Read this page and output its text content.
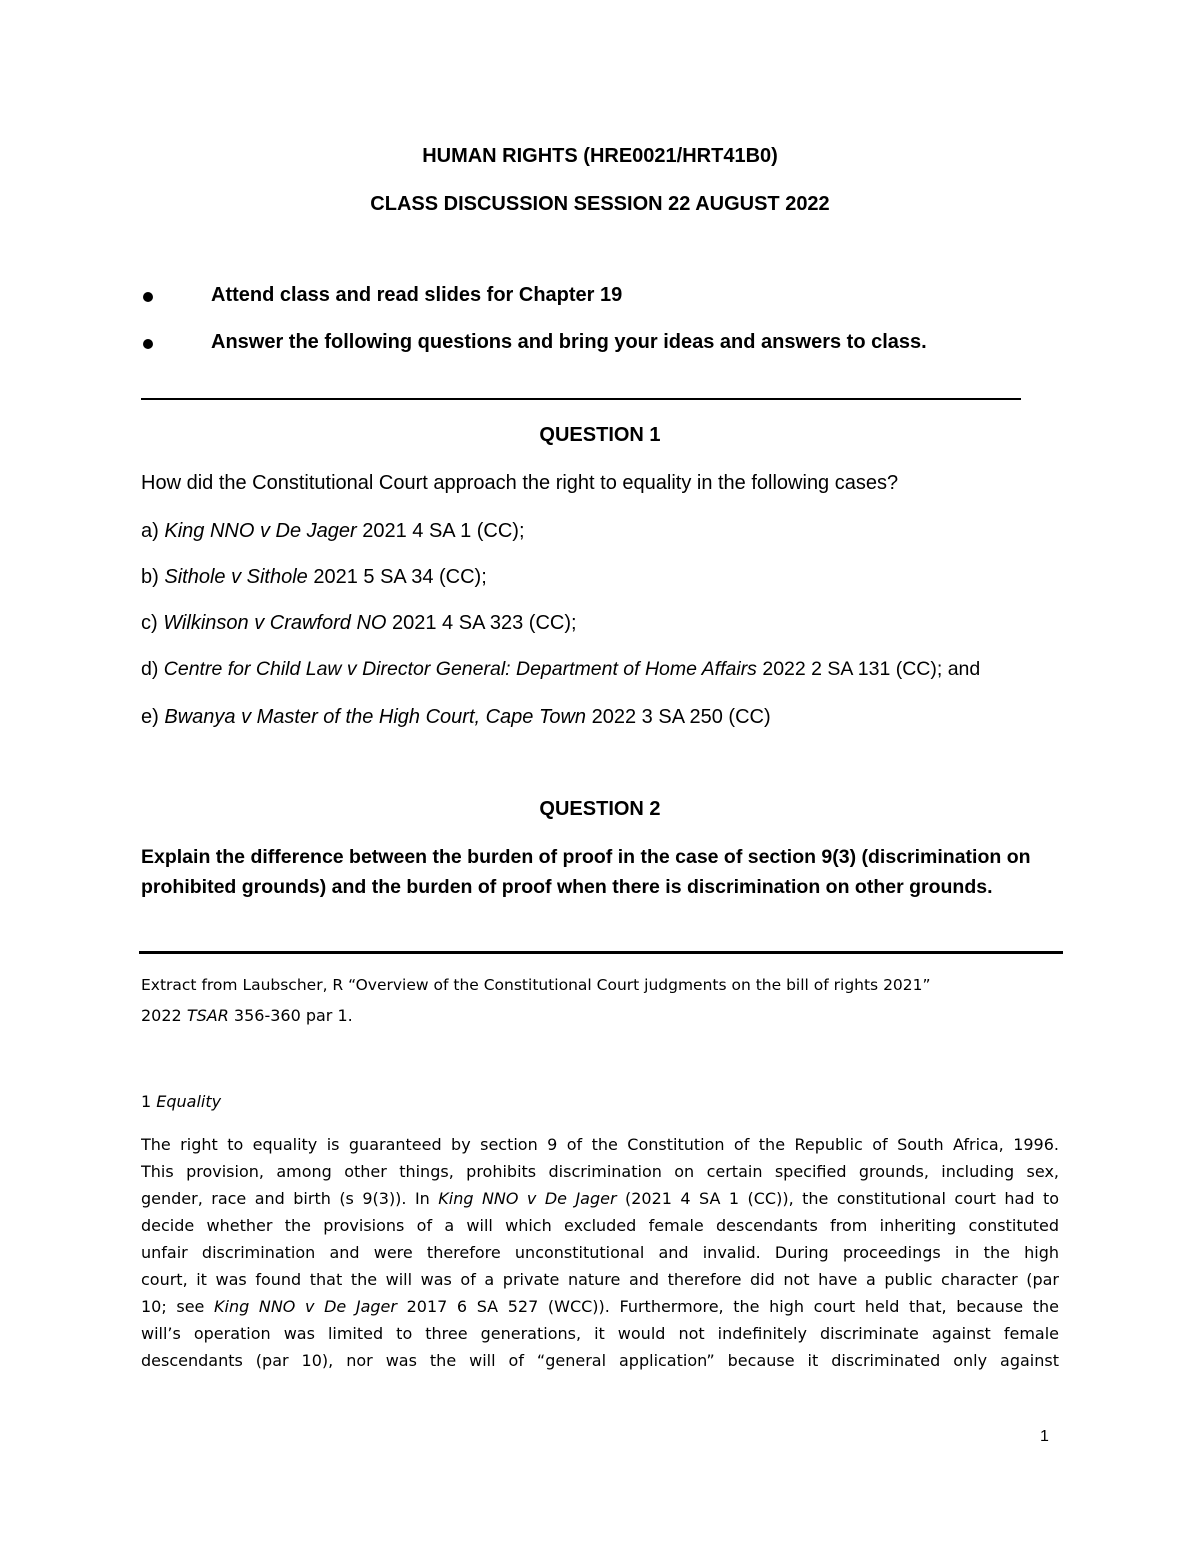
HUMAN RIGHTS (HRE0021/HRT41B0)
CLASS DISCUSSION SESSION 22 AUGUST 2022
Attend class and read slides for Chapter 19
Answer the following questions and bring your ideas and answers to class.
QUESTION 1
How did the Constitutional Court approach the right to equality in the following cases?
a) King NNO v De Jager 2021 4 SA 1 (CC);
b) Sithole v Sithole 2021 5 SA 34 (CC);
c) Wilkinson v Crawford NO 2021 4 SA 323 (CC);
d) Centre for Child Law v Director General: Department of Home Affairs 2022 2 SA 131 (CC); and
e) Bwanya v Master of the High Court, Cape Town 2022 3 SA 250 (CC)
QUESTION 2
Explain the difference between the burden of proof in the case of section 9(3) (discrimination on
prohibited grounds) and the burden of proof when there is discrimination on other grounds.
Extract from Laubscher, R “Overview of the Constitutional Court judgments on the bill of rights 2021”
2022 TSAR 356-360 par 1.
1 Equality
The right to equality is guaranteed by section 9 of the Constitution of the Republic of South Africa, 1996.
This provision, among other things, prohibits discrimination on certain specified grounds, including sex,
gender, race and birth (s 9(3)). In King NNO v De Jager (2021 4 SA 1 (CC)), the constitutional court had to
decide whether the provisions of a will which excluded female descendants from inheriting constituted
unfair discrimination and were therefore unconstitutional and invalid. During proceedings in the high
court, it was found that the will was of a private nature and therefore did not have a public character (par
10; see King NNO v De Jager 2017 6 SA 527 (WCC)). Furthermore, the high court held that, because the
will’s operation was limited to three generations, it would not indefinitely discriminate against female
descendants (par 10), nor was the will of “general application” because it discriminated only against
1
